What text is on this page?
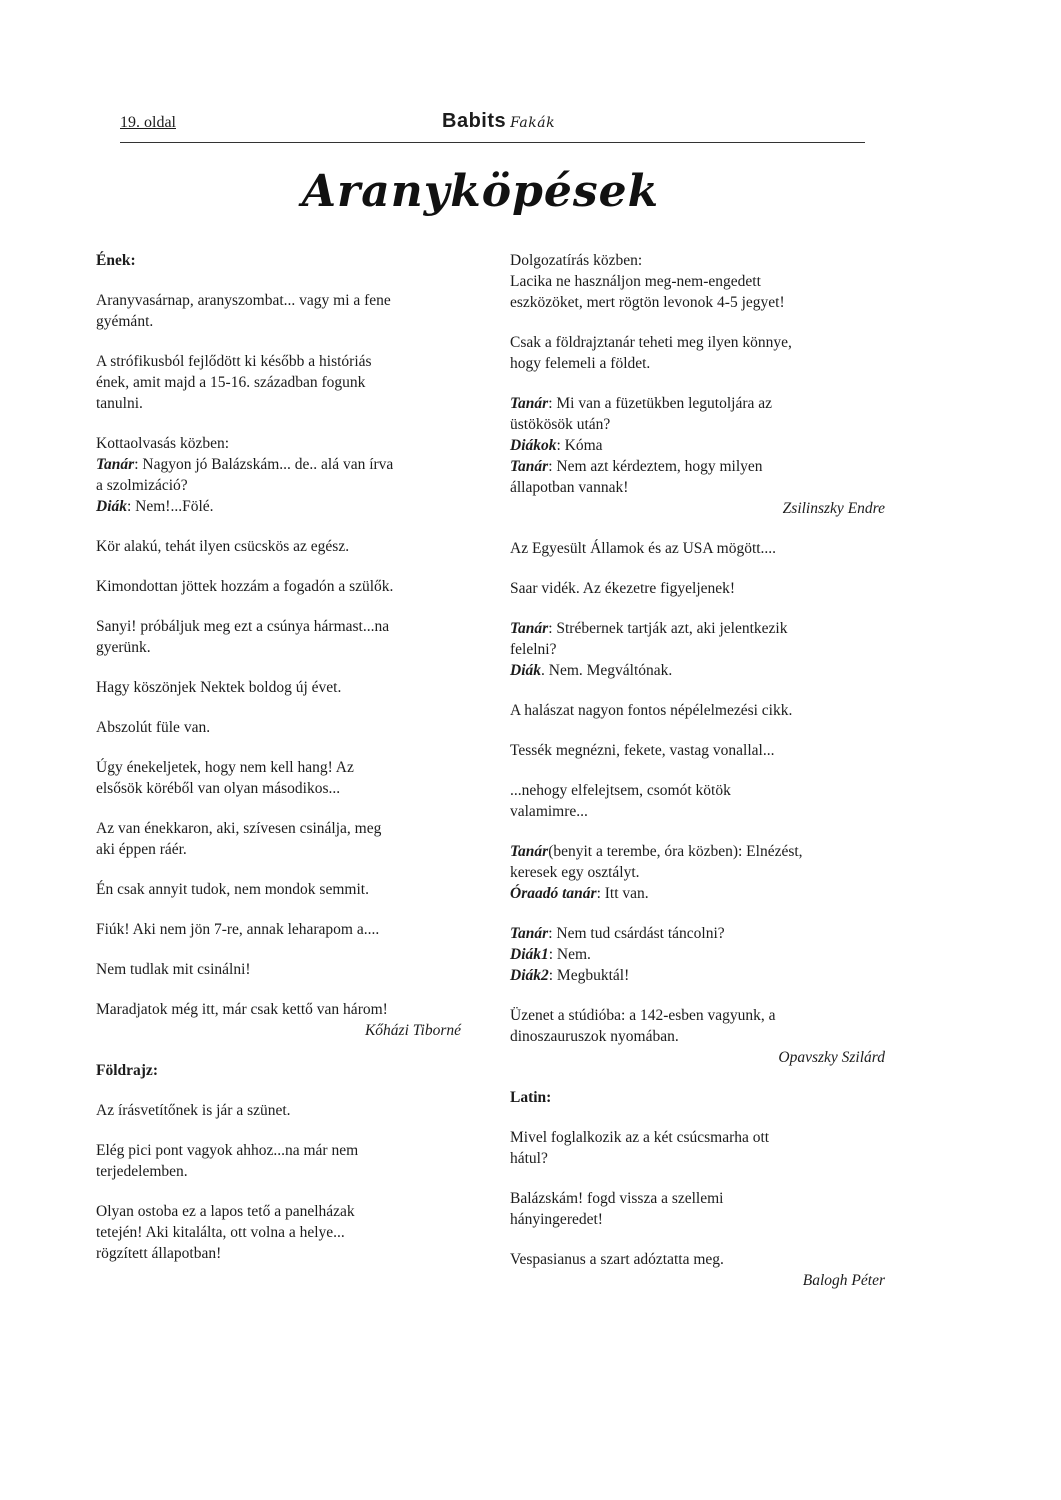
19. oldal	Babits Fakák
Aranyköpések
Ének:
Aranyvasárnap, aranyszombat... vagy mi a fene
gyémánt.
A strófikusból fejlődött ki később a históriás
ének, amit majd a 15-16. században fogunk
tanulni.
Kottaolvasás közben:
Tanár: Nagyon jó Balázskám... de.. alá van írva
a szolmizáció?
Diák: Nem!...Fölé.
Kör alakú, tehát ilyen csücskös az egész.
Kimondottan jöttek hozzám a fogadón a szülők.
Sanyi! próbáljuk meg ezt a csúnya hármast...na
gyerünk.
Hagy köszönjek Nektek boldog új évet.
Abszolút füle van.
Úgy énekeljetek, hogy nem kell hang! Az
elsősök köréből van olyan másodikos...
Az van énekkaron, aki, szívesen csinálja, meg
aki éppen ráér.
Én csak annyit tudok, nem mondok semmit.
Fiúk! Aki nem jön 7-re, annak leharapom a....
Nem tudlak mit csinálni!
Maradjatok még itt, már csak kettő van három!
Kőházi Tiborné
Földrajz:
Az írásvetítőnek is jár a szünet.
Elég pici pont vagyok ahhoz...na már nem
terjedelemben.
Olyan ostoba ez a lapos tető a panelházak
tetején! Aki kitalálta, ott volna a helye...
rögzített állapotban!
Dolgozatírás közben:
Lacika ne használjon meg-nem-engedett
eszközöket, mert rögtön levonok 4-5 jegyet!
Csak a földrajztanár teheti meg ilyen könnye,
hogy felemeli a földet.
Tanár: Mi van a füzetükben legutoljára az
üstökösök után?
Diákok: Kóma
Tanár: Nem azt kérdeztem, hogy milyen
állapotban vannak!
Zsilinszky Endre
Az Egyesült Államok és az USA mögött....
Saar vidék. Az ékezetre figyeljenek!
Tanár: Strébernek tartják azt, aki jelentkezik
felelni?
Diák. Nem. Megváltónak.
A halászat nagyon fontos népélelmezési cikk.
Tessék megnézni, fekete, vastag vonallal...
...nehogy elfelejtsem, csomót kötök
valamimre...
Tanár(benyit a terembe, óra közben): Elnézést,
keresek egy osztályt.
Óraadó tanár: Itt van.
Tanár: Nem tud csárdást táncolni?
Diák1: Nem.
Diák2: Megbuktál!
Üzenet a stúdióba: a 142-esben vagyunk, a
dinoszauruszok nyomában.
Opavszky Szilárd
Latin:
Mivel foglalkozik az a két csúcsmarha ott
hátul?
Balázskám! fogd vissza a szellemi
hányingeredet!
Vespasianus a szart adóztatta meg.
Balogh Péter
